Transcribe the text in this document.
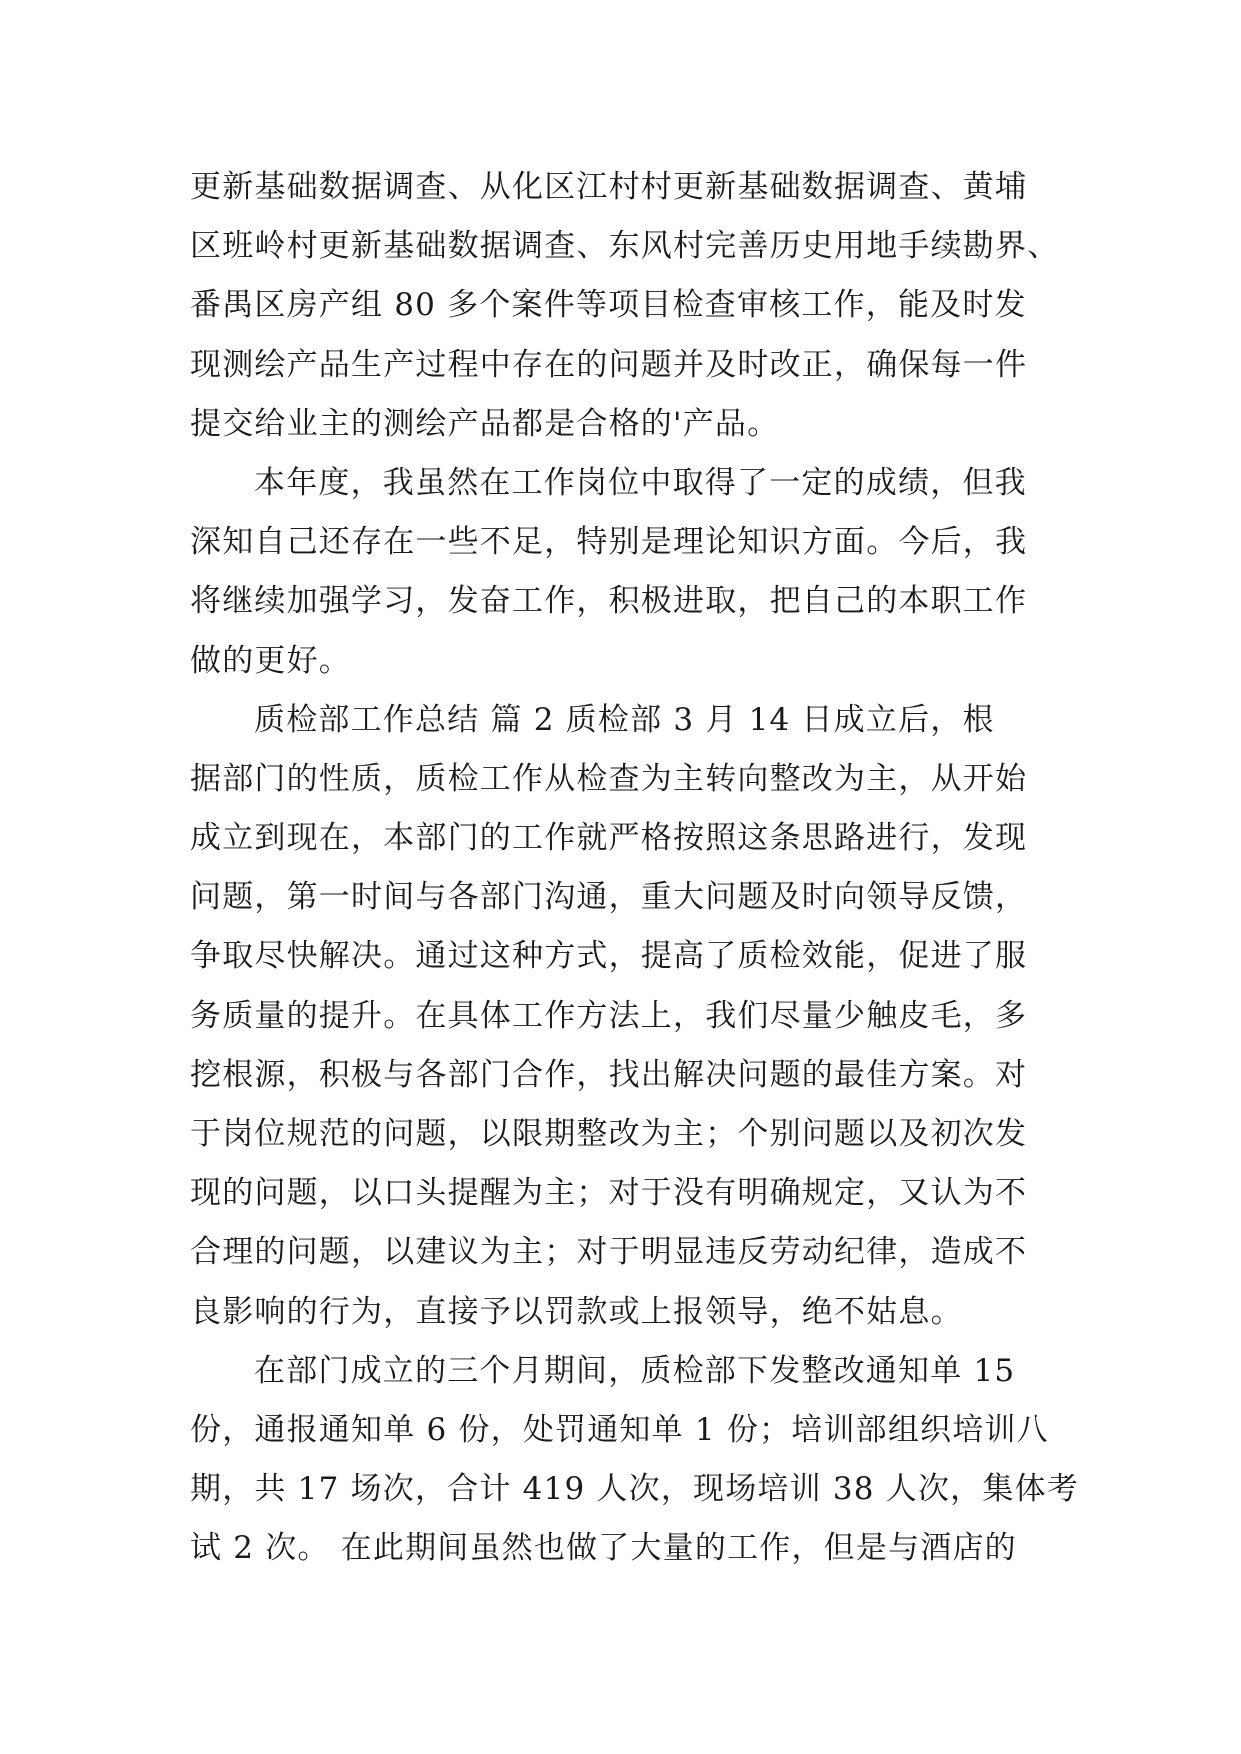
更新基础数据调查、从化区江村村更新基础数据调查、黄埔
区班岭村更新基础数据调查、东风村完善历史用地手续勘界、
番禺区房产组 80 多个案件等项目检查审核工作，能及时发
现测绘产品生产过程中存在的问题并及时改正，确保每一件
提交给业主的测绘产品都是合格的'产品。
本年度，我虽然在工作岗位中取得了一定的成绩，但我
深知自己还存在一些不足，特别是理论知识方面。今后，我
将继续加强学习，发奋工作，积极进取，把自己的本职工作
做的更好。
质检部工作总结 篇 2 质检部 3 月 14 日成立后，根
据部门的性质，质检工作从检查为主转向整改为主，从开始
成立到现在，本部门的工作就严格按照这条思路进行，发现
问题，第一时间与各部门沟通，重大问题及时向领导反馈，
争取尽快解决。通过这种方式，提高了质检效能，促进了服
务质量的提升。在具体工作方法上，我们尽量少触皮毛，多
挖根源，积极与各部门合作，找出解决问题的最佳方案。对
于岗位规范的问题，以限期整改为主；个别问题以及初次发
现的问题，以口头提醒为主；对于没有明确规定，又认为不
合理的问题，以建议为主；对于明显违反劳动纪律，造成不
良影响的行为，直接予以罚款或上报领导，绝不姑息。
在部门成立的三个月期间，质检部下发整改通知单 15
份，通报通知单 6 份，处罚通知单 1 份；培训部组织培训八
期，共 17 场次，合计 419 人次，现场培训 38 人次，集体考
试 2 次。 在此期间虽然也做了大量的工作，但是与酒店的
